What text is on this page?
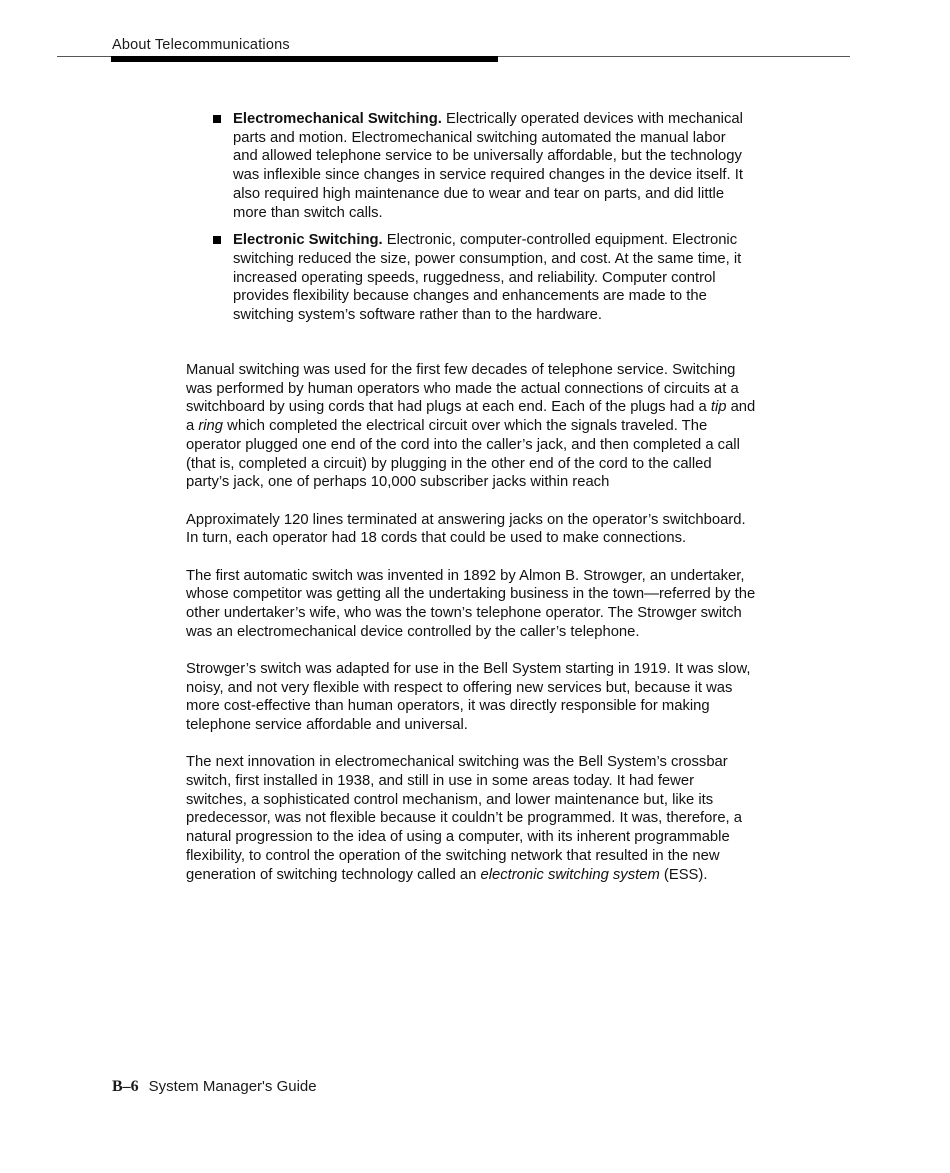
About Telecommunications
Electromechanical Switching. Electrically operated devices with mechanical parts and motion. Electromechanical switching automated the manual labor and allowed telephone service to be universally affordable, but the technology was inflexible since changes in service required changes in the device itself. It also required high maintenance due to wear and tear on parts, and did little more than switch calls.
Electronic Switching. Electronic, computer-controlled equipment. Electronic switching reduced the size, power consumption, and cost. At the same time, it increased operating speeds, ruggedness, and reliability. Computer control provides flexibility because changes and enhancements are made to the switching system’s software rather than to the hardware.

Manual switching was used for the first few decades of telephone service. Switching was performed by human operators who made the actual connections of circuits at a switchboard by using cords that had plugs at each end. Each of the plugs had a tip and a ring which completed the electrical circuit over which the signals traveled. The operator plugged one end of the cord into the caller’s jack, and then completed a call (that is, completed a circuit) by plugging in the other end of the cord to the called party’s jack, one of perhaps 10,000 subscriber jacks within reach

Approximately 120 lines terminated at answering jacks on the operator’s switchboard. In turn, each operator had 18 cords that could be used to make connections.

The first automatic switch was invented in 1892 by Almon B. Strowger, an undertaker, whose competitor was getting all the undertaking business in the town—referred by the other undertaker’s wife, who was the town’s telephone operator. The Strowger switch was an electromechanical device controlled by the caller’s telephone.

Strowger’s switch was adapted for use in the Bell System starting in 1919. It was slow, noisy, and not very flexible with respect to offering new services but, because it was more cost-effective than human operators, it was directly responsible for making telephone service affordable and universal.

The next innovation in electromechanical switching was the Bell System’s crossbar switch, first installed in 1938, and still in use in some areas today. It had fewer switches, a sophisticated control mechanism, and lower maintenance but, like its predecessor, was not flexible because it couldn’t be programmed. It was, therefore, a natural progression to the idea of using a computer, with its inherent programmable flexibility, to control the operation of the switching network that resulted in the new generation of switching technology called an electronic switching system (ESS).

B–6 System Manager's Guide
